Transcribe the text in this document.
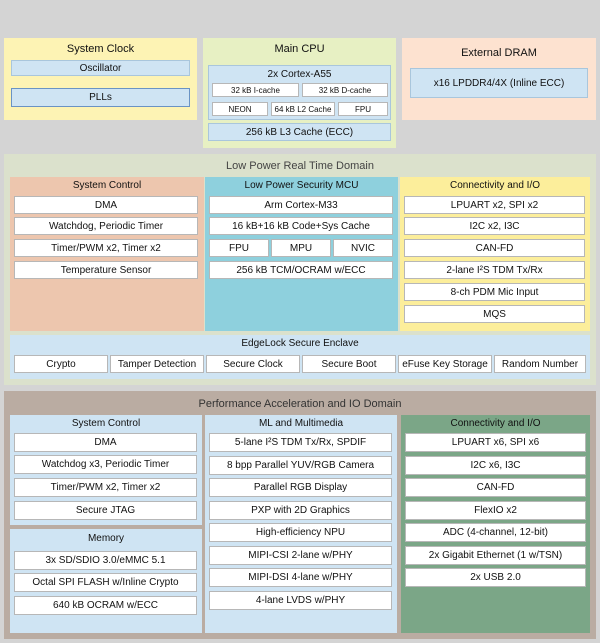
System Clock
Oscillator
PLLs
Main CPU
2x Cortex-A55
32 kB I-cache	32 kB D-cache
NEON	64 kB L2 Cache	FPU
256 kB L3 Cache (ECC)
External DRAM
x16 LPDDR4/4X (Inline ECC)
Low Power Real Time Domain
System Control
DMA
Watchdog, Periodic Timer
Timer/PWM x2, Timer x2
Temperature Sensor
Low Power Security MCU
Arm Cortex-M33
16 kB+16 kB Code+Sys Cache
FPU	MPU	NVIC
256 kB TCM/OCRAM w/ECC
Connectivity and I/O
LPUART x2, SPI x2
I2C x2, I3C
CAN-FD
2-lane I²S TDM Tx/Rx
8-ch PDM Mic Input
MQS
EdgeLock Secure Enclave
Crypto	Tamper Detection	Secure Clock	Secure Boot	eFuse Key Storage	Random Number
Performance Acceleration and IO Domain
System Control
DMA
Watchdog x3, Periodic Timer
Timer/PWM x2, Timer x2
Secure JTAG
Memory
3x SD/SDIO 3.0/eMMC 5.1
Octal SPI FLASH w/Inline Crypto
640 kB OCRAM w/ECC
ML and Multimedia
5-lane I²S TDM Tx/Rx, SPDIF
8 bpp Parallel YUV/RGB Camera
Parallel RGB Display
PXP with 2D Graphics
High-efficiency NPU
MIPI-CSI 2-lane w/PHY
MIPI-DSI 4-lane w/PHY
4-lane LVDS w/PHY
Connectivity and I/O
LPUART x6, SPI x6
I2C x6, I3C
CAN-FD
FlexIO x2
ADC (4-channel, 12-bit)
2x Gigabit Ethernet (1 w/TSN)
2x USB 2.0
